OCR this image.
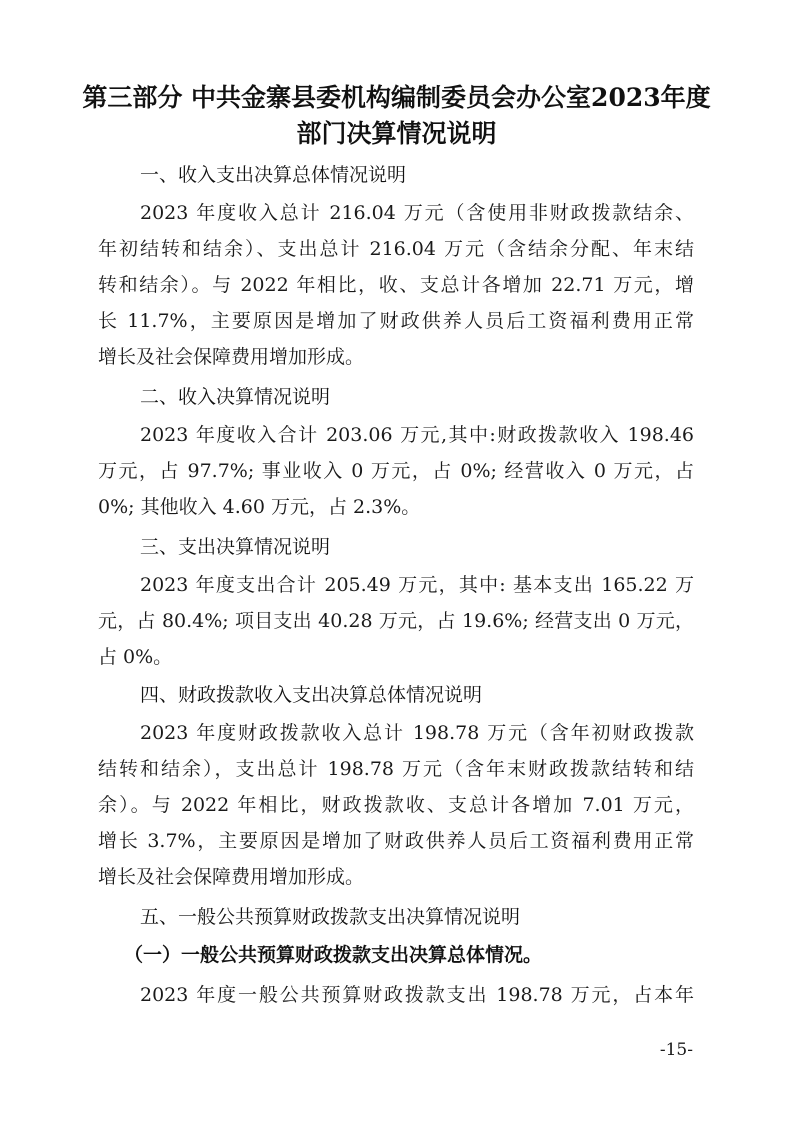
第三部分 中共金寨县委机构编制委员会办公室2023年度
部门决算情况说明
一、收入支出决算总体情况说明
2023 年度收入总计 216.04 万元（含使用非财政拨款结余、
年初结转和结余）、支出总计 216.04 万元（含结余分配、年末结
转和结余）。与 2022 年相比，收、支总计各增加 22.71 万元，增
长 11.7%，主要原因是增加了财政供养人员后工资福利费用正常
增长及社会保障费用增加形成。
二、收入决算情况说明
2023 年度收入合计 203.06 万元,其中:财政拨款收入 198.46
万元，占 97.7%; 事业收入 0 万元，占 0%; 经营收入 0 万元，占
0%; 其他收入 4.60 万元，占 2.3%。
三、支出决算情况说明
2023 年度支出合计 205.49 万元，其中: 基本支出 165.22 万
元，占 80.4%; 项目支出 40.28 万元，占 19.6%; 经营支出 0 万元，
占 0%。
四、财政拨款收入支出决算总体情况说明
2023 年度财政拨款收入总计 198.78 万元（含年初财政拨款
结转和结余），支出总计 198.78 万元（含年末财政拨款结转和结
余）。与 2022 年相比，财政拨款收、支总计各增加 7.01 万元，
增长 3.7%，主要原因是增加了财政供养人员后工资福利费用正常
增长及社会保障费用增加形成。
五、一般公共预算财政拨款支出决算情况说明
（一）一般公共预算财政拨款支出决算总体情况。
2023 年度一般公共预算财政拨款支出 198.78 万元，占本年
-15-
